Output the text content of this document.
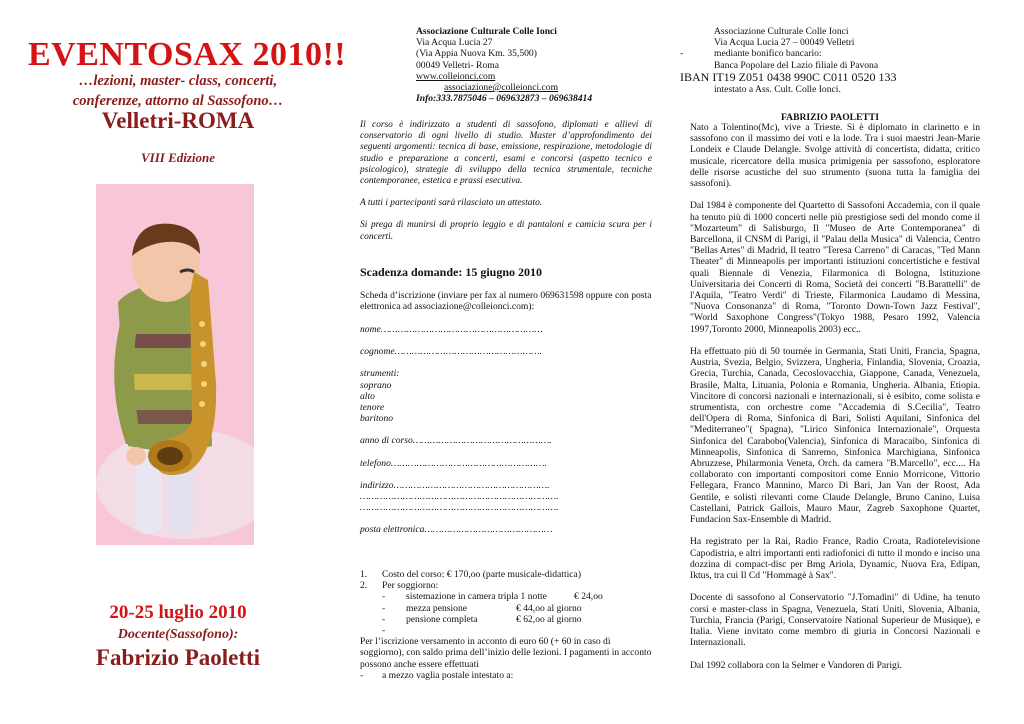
EVENTOSAX 2010!!
…lezioni, master- class, concerti,
conferenze, attorno al Sassofono…
Velletri-ROMA
VIII Edizione
20-25 luglio 2010
Docente(Sassofono):
Fabrizio Paoletti
Associazione Culturale Colle Ionci
Via Acqua Lucia 27
(Via Appia Nuova Km. 35,500)
00049 Velletri- Roma
www.colleionci.com
associazione@colleionci.com
Info:333.7875046 – 069632873 – 069638414

Il corso è indirizzato a studenti di sassofono, diplomati e allievi di conservatorio di ogni livello di studio. Master d’approfondimento dei seguenti argomenti: tecnica di base, emissione, respirazione, metodologie di studio e preparazione a concerti, esami e concorsi (aspetto tecnico e psicologico), strategie di sviluppo della tecnica strumentale, tecniche contemporanee, estetica e prassi esecutiva.

A tutti i partecipanti sarà rilasciato un attestato.

Si prega di munirsi di proprio leggio e di pantaloni e camicia scura per i concerti.

Scadenza domande: 15 giugno 2010
Scheda d’iscrizione (inviare per fax al numero 069631598 oppure con posta elettronica ad associazione@colleionci.com):
nome…………………………………………………
cognome…………………………………………….
strumenti:
soprano
alto
tenore
baritono
anno di corso………………………………………….
telefono……………………………………………….
indirizzo……………………………………………….
…………………………………………………………….
…………………………………………………………….
posta elettronica………………………………………
1.	Costo del corso: € 170,oo (parte musicale-didattica)
2.	Per soggiorno:
-	sistemazione in camera tripla 1 notte	€ 24,oo
-	mezza pensione	€ 44,oo al giorno
-	pensione completa	€ 62,oo al giorno
-
Per l’iscrizione versamento in acconto di euro 60 (+ 60 in caso di soggiorno), con saldo prima dell’inizio delle lezioni. I pagamenti in acconto possono anche essere effettuati
-	a mezzo vaglia postale intestato a:
Associazione Culturale Colle Ionci
Via Acqua Lucia 27 – 00049 Velletri
-	mediante bonifico bancario:
Banca Popolare del Lazio filiale di Pavona
IBAN IT19 Z051 0438 990C C011 0520 133
intestato a Ass. Cult. Colle Ionci.
FABRIZIO PAOLETTI

Nato a Tolentino(Mc), vive a Trieste. Si è diplomato in clarinetto e in sassofono con il massimo dei voti e la lode. Tra i suoi maestri Jean-Marie Londeix e Claude Delangle. Svolge attività di concertista, didatta, critico musicale, ricercatore della musica primigenia per sassofono, esploratore delle risorse acustiche del suo strumento (suona tutta la famiglia dei sassofoni).

Dal 1984 è componente del Quartetto di Sassofoni Accademia, con il quale ha tenuto più di 1000 concerti nelle più prestigiose sedi del mondo come il "Mozarteum" di Salisburgo, Il "Museo de Arte Contemporanea" di Barcellona, il CNSM di Parigi, il "Palau della Musica" di Valencia, Centro "Bellas Artes" di Madrid, Il teatro "Teresa Carreno" di Caracas, "Ted Mann Theater" di Minneapolis per importanti istituzioni concertistiche e festival quali Biennale di Venezia, Filarmonica di Bologna, Istituzione Universitaria dei Concerti di Roma, Società dei concerti "B.Barattelli" de l'Aquila, "Teatro Verdi" di Trieste, Filarmonica Laudamo di Messina, "Nuova Consonanza" di Roma, "Toronto Down-Town Jazz Festival", "World Saxophone Congress"(Tokyo 1988, Pesaro 1992, Valencia 1997,Toronto 2000, Minneapolis 2003) ecc..

Ha effettuato più di 50 tournée in Germania, Stati Uniti, Francia, Spagna, Austria, Svezia, Belgio, Svizzera, Ungheria, Finlandia, Slovenia, Croazia, Grecia, Turchia, Canada, Cecoslovacchia, Giappone, Canada, Venezuela, Brasile, Malta, Lituania, Polonia e Romania, Ungheria. Albania, Etiopia. Vincitore di concorsi nazionali e internazionali, si è esibito, come solista e strumentista, con orchestre come "Accademia di S.Cecilia", Teatro dell'Opera di Roma, Sinfonica di Bari, Solisti Aquilani, Sinfonica del "Mediterraneo"( Spagna), "Lirico Sinfonica Internazionale", Orquesta Sinfonica del Carabobo(Valencia), Sinfonica di Maracaibo, Sinfonica di Minneapolis, Sinfonica di Sanremo, Sinfonica Marchigiana, Sinfonica Abruzzese, Philarmonia Veneta, Orch. da camera "B.Marcello", ecc.... Ha collaborato con importanti compositori come Ennio Morricone, Vittorio Fellegara, Franco Mannino, Marco Di Bari, Jan Van der Roost, Ada Gentile, e solisti rilevanti come Claude Delangle, Bruno Canino, Luisa Castellani, Patrick Gallois, Mauro Maur, Zagreb Saxophone Quartet, Fundacion Sax-Ensemble di Madrid.

Ha registrato per la Rai, Radio France, Radio Croata, Radiotelevisione Capodistria, e altri importanti enti radiofonici di tutto il mondo e inciso una dozzina di compact-disc per Bmg Ariola, Dynamic, Nuova Era, Edipan, Iktus, tra cui Il Cd "Hommagè à Sax".

Docente di sassofono al Conservatorio "J.Tomadini" di Udine, ha tenuto corsi e master-class in Spagna, Venezuela, Stati Uniti, Slovenia, Albania, Turchia, Francia (Parigi, Conservatoire National Superieur de Musique), e Italia. Viene invitato come membro di giuria in Concorsi Nazionali e Internazionali.

Dal 1992 collabora con la Selmer e Vandoren di Parigi.
